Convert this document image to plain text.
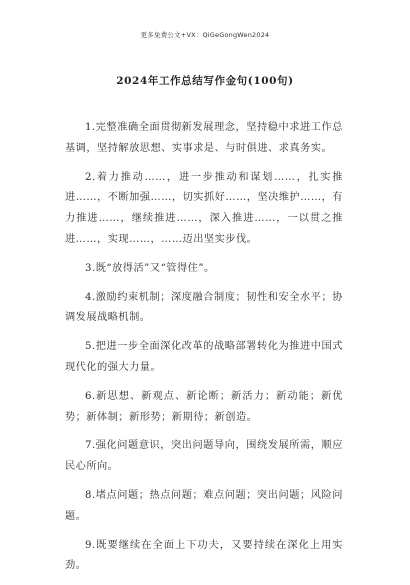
更多免费公文+VX：QiGeGongWen2024
2024年工作总结写作金句(100句)

1.完整准确全面贯彻新发展理念，坚持稳中求进工作总基调，坚持解放思想、实事求是、与时俱进、求真务实。

2.着力推动……，进一步推动和谋划……，扎实推进……，不断加强……，切实抓好……，坚决维护……，有力推进……，继续推进……，深入推进……，一以贯之推进……，实现……，……迈出坚实步伐。

3.既“放得活”又“管得住”。

4.激励约束机制；深度融合制度；韧性和安全水平；协调发展战略机制。

5.把进一步全面深化改革的战略部署转化为推进中国式现代化的强大力量。

6.新思想、新观点、新论断；新活力；新动能；新优势；新体制；新形势；新期待；新创造。

7.强化问题意识，突出问题导向，围绕发展所需，顺应民心所向。

8.堵点问题；热点问题；难点问题；突出问题；风险问题。

9.既要继续在全面上下功夫，又要持续在深化上用实劲。
